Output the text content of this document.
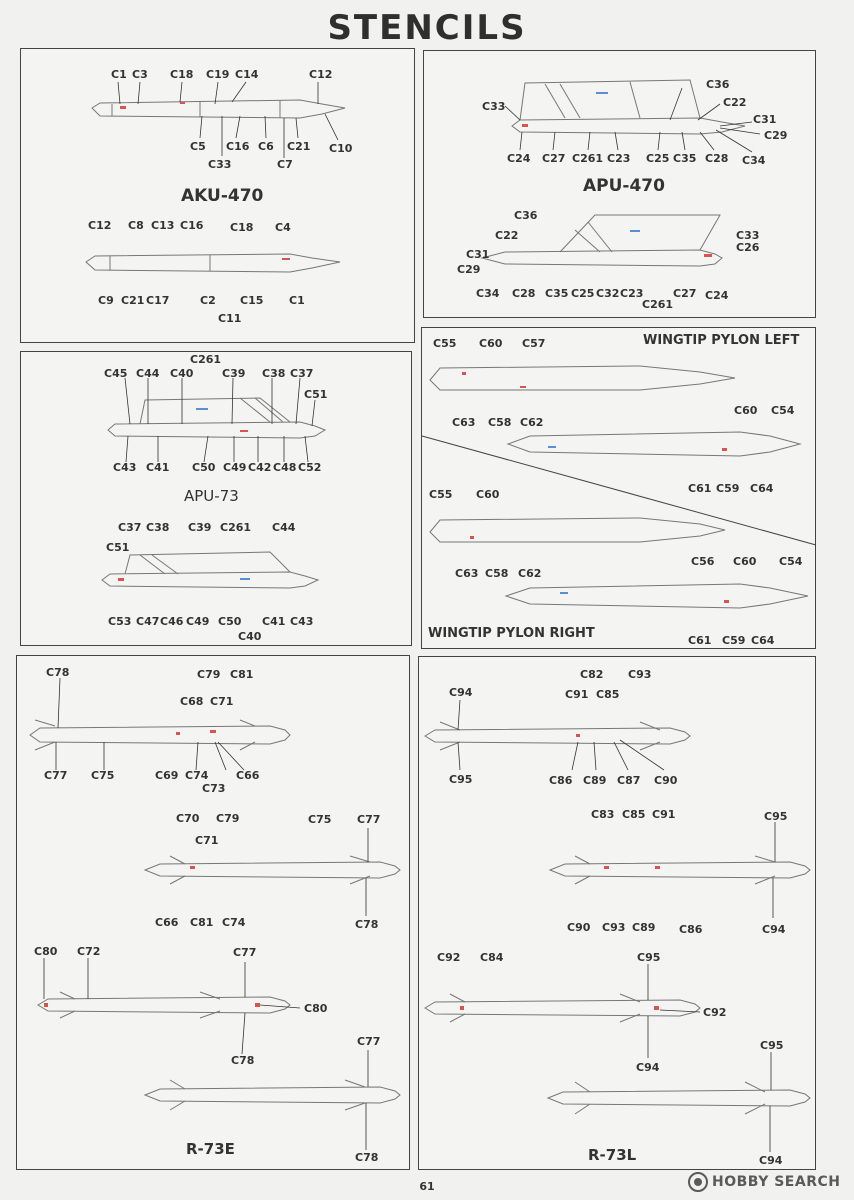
STENCILS
AKU-470	APU-470
APU-73
WINGTIP PYLON LEFT
WINGTIP PYLON RIGHT
R-73E	R-73L
C1 C3 C18 C19 C14	C12
C5
C33
C16 C6
C7
C21 C10
C12 C8 C13 C16 C18 C4
C9 C21 C17	C2
C11
C15 C1
C36
C33	C22
C31
C29
C24 C27 C261 C23 C25 C35 C28 C34
C36
C22	C33
C26
C31
C29
C34 C28 C35 C25 C32 C23
C261
C27 C24
C261
C45 C44 C40	C39 C38 C37
C51
C43 C41 C50 C49 C42 C48 C52
C37 C38 C39 C261 C44
C51
C53 C47 C46 C49 C50 C41 C43
C40
C55 C60 C57
C63 C58 C62
C60 C54
C61 C59 C64
C55 C60
C63 C58 C62
C56 C60 C54
C61 C59 C64
C78	C79 C81
C68 C71
C77 C75	C69 C74	C66
C73
C70 C79
C71
C75 C77
C66 C81 C74	C78
C80 C72	C77
C80
C78
C77
C78
C82 C93
C94	C91 C85
C95	C86 C89 C87 C90
C83 C85 C91	C95
C90 C93 C89 C86	C94
C92 C84	C95
C92
C94
C95
C94
61	HOBBY SEARCH
